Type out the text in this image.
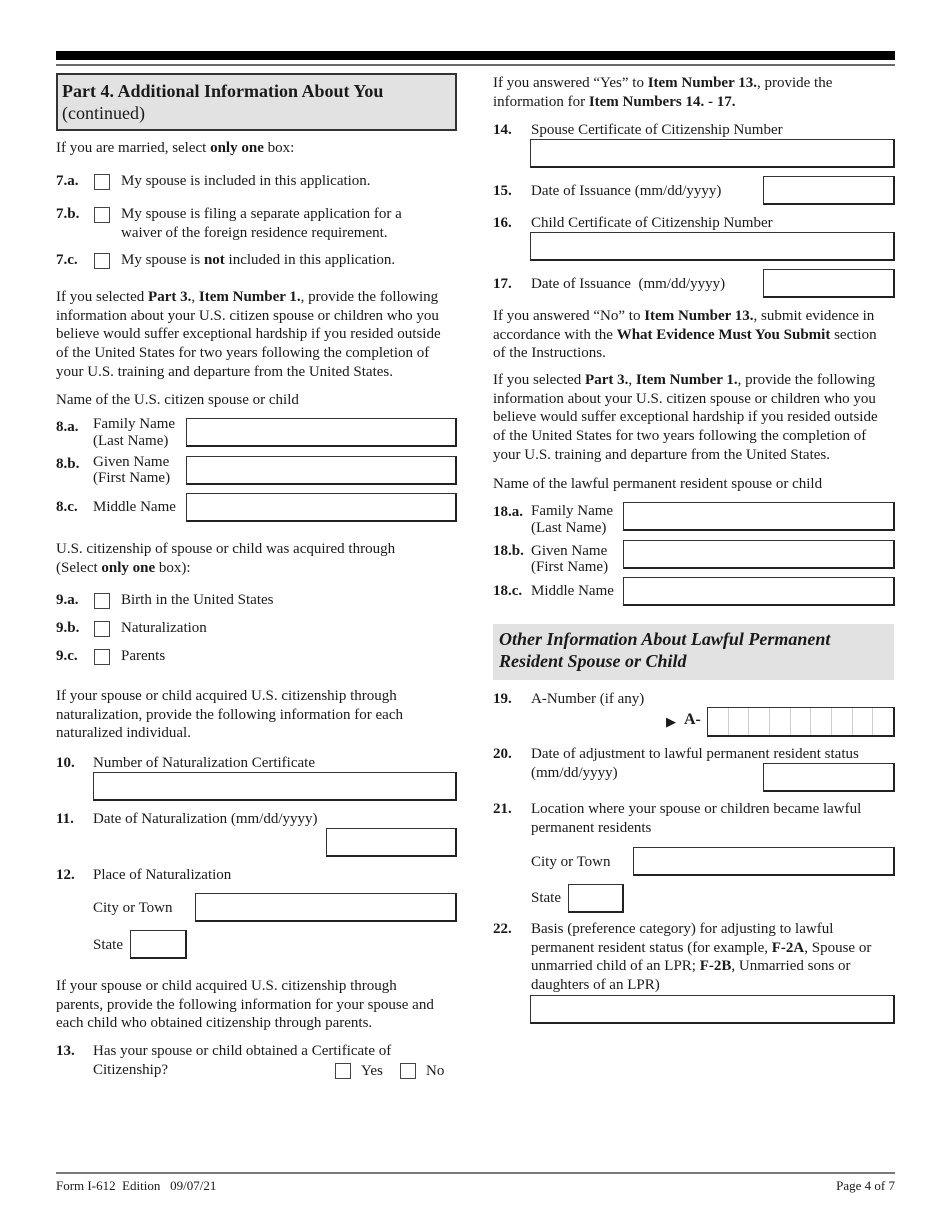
Part 4. Additional Information About You
(continued)
If you are married, select only one box:
7.a.	My spouse is included in this application.
7.b.	My spouse is filing a separate application for a
waiver of the foreign residence requirement.
7.c.	My spouse is not included in this application.
If you selected Part 3., Item Number 1., provide the following
information about your U.S. citizen spouse or children who you
believe would suffer exceptional hardship if you resided outside
of the United States for two years following the completion of
your U.S. training and departure from the United States.
Name of the U.S. citizen spouse or child
8.a. Family Name
(Last Name)
8.b. Given Name
(First Name)
8.c. Middle Name
U.S. citizenship of spouse or child was acquired through
(Select only one box):
9.a.	Birth in the United States
9.b.	Naturalization
9.c.	Parents
If your spouse or child acquired U.S. citizenship through
naturalization, provide the following information for each
naturalized individual.
10. Number of Naturalization Certificate
11. Date of Naturalization (mm/dd/yyyy)
12. Place of Naturalization
City or Town
State
If your spouse or child acquired U.S. citizenship through
parents, provide the following information for your spouse and
each child who obtained citizenship through parents.
13. Has your spouse or child obtained a Certificate of
Citizenship?	Yes	No
If you answered “Yes” to Item Number 13., provide the
information for Item Numbers 14. - 17.
14. Spouse Certificate of Citizenship Number
15. Date of Issuance (mm/dd/yyyy)
16. Child Certificate of Citizenship Number
17. Date of Issuance  (mm/dd/yyyy)
If you answered “No” to Item Number 13., submit evidence in
accordance with the What Evidence Must You Submit section
of the Instructions.
If you selected Part 3., Item Number 1., provide the following
information about your U.S. citizen spouse or children who you
believe would suffer exceptional hardship if you resided outside
of the United States for two years following the completion of
your U.S. training and departure from the United States.
Name of the lawful permanent resident spouse or child
18.a. Family Name
(Last Name)
18.b. Given Name
(First Name)
18.c. Middle Name
Other Information About Lawful Permanent
Resident Spouse or Child
19. A-Number (if any)
▶ A-
20. Date of adjustment to lawful permanent resident status
(mm/dd/yyyy)
21. Location where your spouse or children became lawful
permanent residents
City or Town
State
22. Basis (preference category) for adjusting to lawful
permanent resident status (for example, F-2A, Spouse or
unmarried child of an LPR; F-2B, Unmarried sons or
daughters of an LPR)
Form I-612  Edition   09/07/21	Page 4 of 7
